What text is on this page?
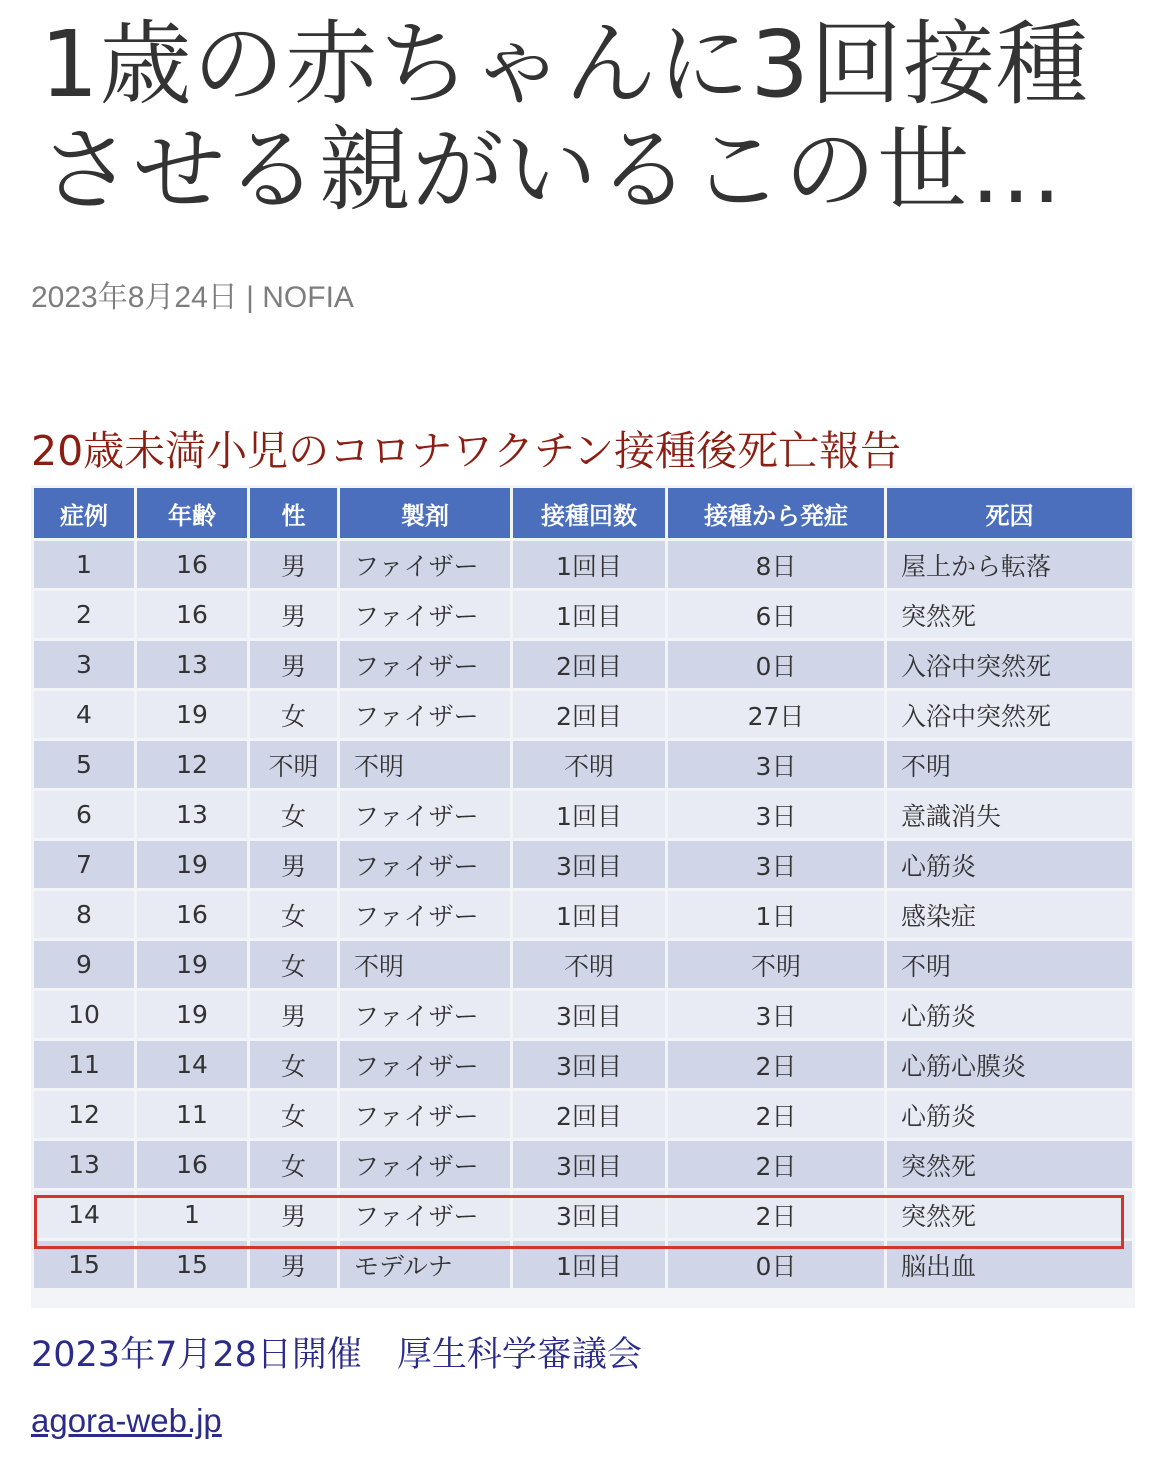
1歳の赤ちゃんに3回接種させる親がいるこの世…
2023年8月24日 | NOFIA
20歳未満小児のコロナワクチン接種後死亡報告
症例	年齢	性	製剤	接種回数	接種から発症	死因
1	16	男	ファイザー	1回目	8日	屋上から転落
2	16	男	ファイザー	1回目	6日	突然死
3	13	男	ファイザー	2回目	0日	入浴中突然死
4	19	女	ファイザー	2回目	27日	入浴中突然死
5	12	不明	不明	不明	3日	不明
6	13	女	ファイザー	1回目	3日	意識消失
7	19	男	ファイザー	3回目	3日	心筋炎
8	16	女	ファイザー	1回目	1日	感染症
9	19	女	不明	不明	不明	不明
10	19	男	ファイザー	3回目	3日	心筋炎
11	14	女	ファイザー	3回目	2日	心筋心膜炎
12	11	女	ファイザー	2回目	2日	心筋炎
13	16	女	ファイザー	3回目	2日	突然死
14	1	男	ファイザー	3回目	2日	突然死
15	15	男	モデルナ	1回目	0日	脳出血
2023年7月28日開催　厚生科学審議会
agora-web.jp
